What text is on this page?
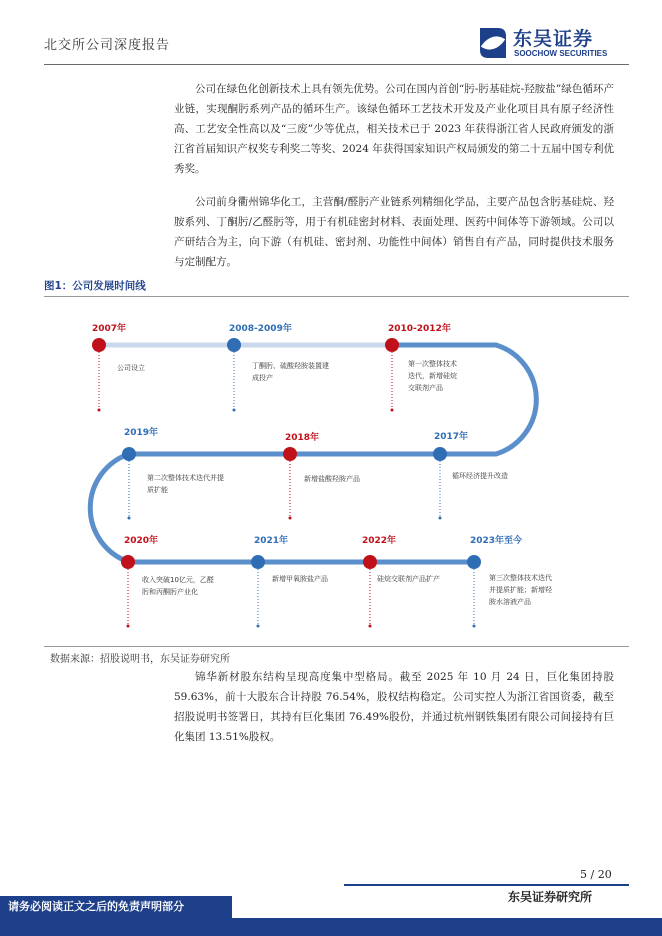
北交所公司深度报告	东吴证券
SOOCHOW SECURITIES

公司在绿色化创新技术上具有领先优势。公司在国内首创“肟-肟基硅烷-羟胺盐”绿色循环产业链，实现酮肟系列产品的循环生产。该绿色循环工艺技术开发及产业化项目具有原子经济性高、工艺安全性高以及“三废”少等优点，相关技术已于 2023 年获得浙江省人民政府颁发的浙江省首届知识产权奖专利奖二等奖、2024 年获得国家知识产权局颁发的第二十五届中国专利优秀奖。

公司前身衢州锦华化工，主营酮/醛肟产业链系列精细化学品，主要产品包含肟基硅烷、羟胺系列、丁酮肟/乙醛肟等，用于有机硅密封材料、表面处理、医药中间体等下游领域。公司以产研结合为主，向下游（有机硅、密封剂、功能性中间体）销售自有产品，同时提供技术服务与定制配方。

图1：公司发展时间线
2007年	2008-2009年	2010-2012年
2017年
2018年
2019年
2020年	2021年	2022年	2023年至今
公司设立	丁酮肟、硫酸羟胺装置建
成投产
第一次整体技术
迭代，新增硅烷
交联剂产品
循环经济提升改造
新增盐酸羟胺产品
第二次整体技术迭代并提
质扩能
收入突破10亿元，乙醛
肟和丙酮肟产业化
新增甲氧胺盐产品	硅烷交联剂产品扩产	第三次整体技术迭代
并提质扩能；新增羟
胺水溶液产品
数据来源：招股说明书，东吴证券研究所

锦华新材股东结构呈现高度集中型格局。截至 2025 年 10 月 24 日，巨化集团持股 59.63%，前十大股东合计持股 76.54%，股权结构稳定。公司实控人为浙江省国资委，截至招股说明书签署日，其持有巨化集团 76.49%股份，并通过杭州钢铁集团有限公司间接持有巨化集团 13.51%股权。

5 / 20
东吴证券研究所
请务必阅读正文之后的免责声明部分
